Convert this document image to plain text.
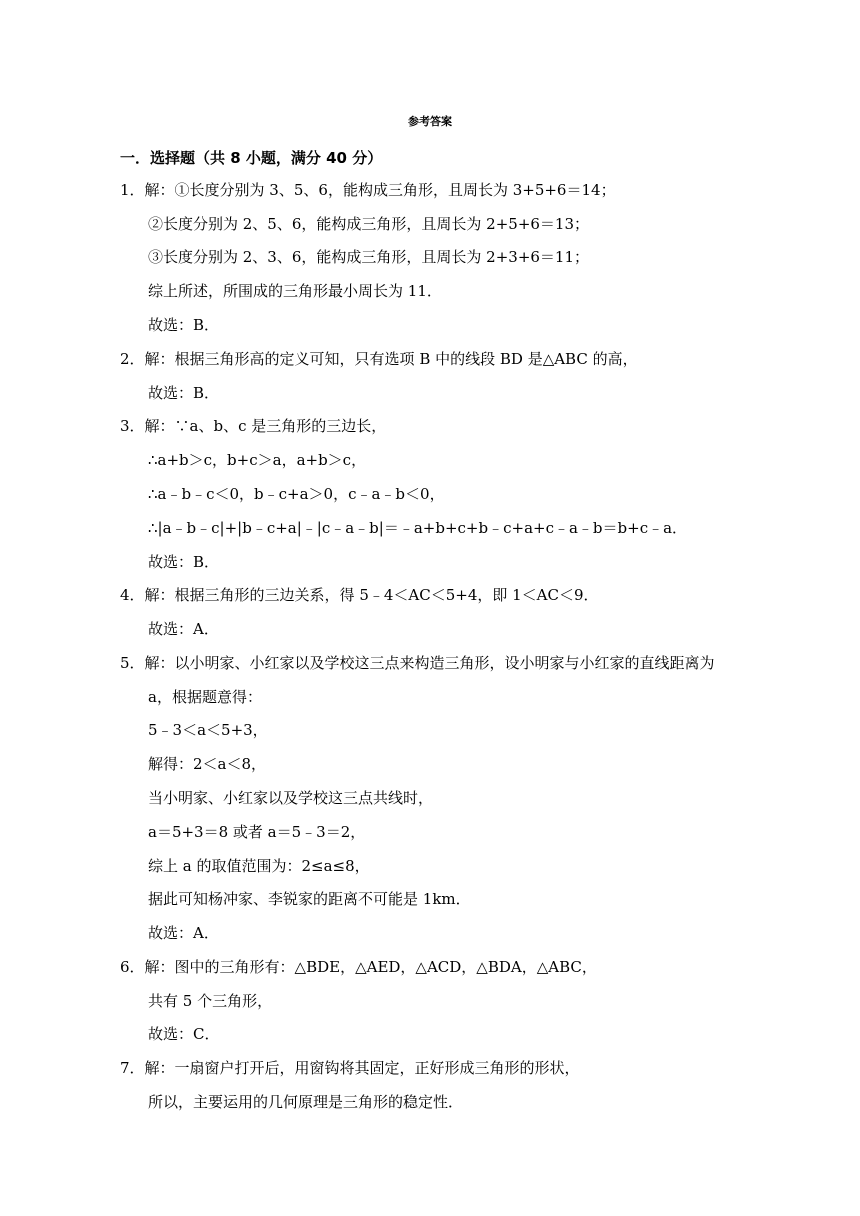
参考答案
一．选择题（共 8 小题，满分 40 分）
1．解：①长度分别为 3、5、6，能构成三角形，且周长为 3+5+6＝14；
②长度分别为 2、5、6，能构成三角形，且周长为 2+5+6＝13；
③长度分别为 2、3、6，能构成三角形，且周长为 2+3+6＝11；
综上所述，所围成的三角形最小周长为 11．
故选：B．
2．解：根据三角形高的定义可知，只有选项 B 中的线段 BD 是△ABC 的高，
故选：B．
3．解：∵a、b、c 是三角形的三边长，
∴a+b＞c，b+c＞a，a+b＞c，
∴a﹣b﹣c＜0，b﹣c+a＞0，c﹣a﹣b＜0，
∴|a﹣b﹣c|+|b﹣c+a|﹣|c﹣a﹣b|＝﹣a+b+c+b﹣c+a+c﹣a﹣b＝b+c﹣a．
故选：B．
4．解：根据三角形的三边关系，得 5﹣4＜AC＜5+4，即 1＜AC＜9．
故选：A．
5．解：以小明家、小红家以及学校这三点来构造三角形，设小明家与小红家的直线距离为
a，根据题意得：
5﹣3＜a＜5+3，
解得：2＜a＜8，
当小明家、小红家以及学校这三点共线时，
a＝5+3＝8 或者 a＝5﹣3＝2，
综上 a 的取值范围为：2≤a≤8，
据此可知杨冲家、李锐家的距离不可能是 1km．
故选：A．
6．解：图中的三角形有：△BDE，△AED，△ACD，△BDA，△ABC，
共有 5 个三角形，
故选：C．
7．解：一扇窗户打开后，用窗钩将其固定，正好形成三角形的形状，
所以，主要运用的几何原理是三角形的稳定性．
